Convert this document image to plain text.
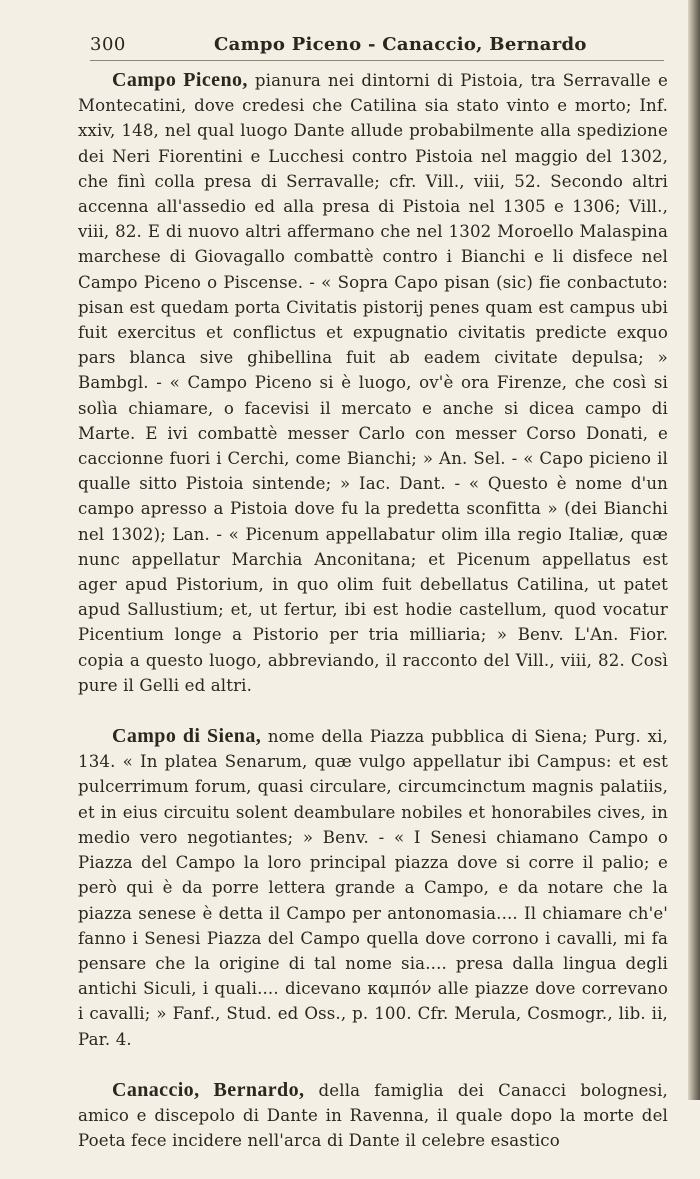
300	Campo Piceno - Canaccio, Bernardo

Campo Piceno, pianura nei dintorni di Pistoia, tra Serravalle e Montecatini, dove credesi che Catilina sia stato vinto e morto; Inf. xxiv, 148, nel qual luogo Dante allude probabilmente alla spedizione dei Neri Fiorentini e Lucchesi contro Pistoia nel maggio del 1302, che finì colla presa di Serravalle; cfr. Vill., viii, 52. Secondo altri accenna all'assedio ed alla presa di Pistoia nel 1305 e 1306; Vill., viii, 82. E di nuovo altri affermano che nel 1302 Moroello Malaspina marchese di Giovagallo combattè contro i Bianchi e li disfece nel Campo Piceno o Piscense. - « Sopra Capo pisan (sic) fie conbactuto: pisan est quedam porta Civitatis pistorij penes quam est campus ubi fuit exercitus et conflictus et expugnatio civitatis predicte exquo pars blanca sive ghibellina fuit ab eadem civitate depulsa; » Bambgl. - « Campo Piceno si è luogo, ov'è ora Firenze, che così si solìa chiamare, o facevisi il mercato e anche si dicea campo di Marte. E ivi combattè messer Carlo con messer Corso Donati, e caccionne fuori i Cerchi, come Bianchi; » An. Sel. - « Capo picieno il qualle sitto Pistoia sintende; » Iac. Dant. - « Questo è nome d'un campo apresso a Pistoia dove fu la predetta sconfitta » (dei Bianchi nel 1302); Lan. - « Picenum appellabatur olim illa regio Italiæ, quæ nunc appellatur Marchia Anconitana; et Picenum appellatus est ager apud Pistorium, in quo olim fuit debellatus Catilina, ut patet apud Sallustium; et, ut fertur, ibi est hodie castellum, quod vocatur Picentium longe a Pistorio per tria milliaria; » Benv. L'An. Fior. copia a questo luogo, abbreviando, il racconto del Vill., viii, 82. Così pure il Gelli ed altri.

Campo di Siena, nome della Piazza pubblica di Siena; Purg. xi, 134. « In platea Senarum, quæ vulgo appellatur ibi Campus: et est pulcerrimum forum, quasi circulare, circumcinctum magnis palatiis, et in eius circuitu solent deambulare nobiles et honorabiles cives, in medio vero negotiantes; » Benv. - « I Senesi chiamano Campo o Piazza del Campo la loro principal piazza dove si corre il palio; e però qui è da porre lettera grande a Campo, e da notare che la piazza senese è detta il Campo per antonomasia.... Il chiamare ch'e' fanno i Senesi Piazza del Campo quella dove corrono i cavalli, mi fa pensare che la origine di tal nome sia.... presa dalla lingua degli antichi Siculi, i quali.... dicevano καμπόν alle piazze dove correvano i cavalli; » Fanf., Stud. ed Oss., p. 100. Cfr. Merula, Cosmogr., lib. ii, Par. 4.

Canaccio, Bernardo, della famiglia dei Canacci bolognesi, amico e discepolo di Dante in Ravenna, il quale dopo la morte del Poeta fece incidere nell'arca di Dante il celebre esastico
